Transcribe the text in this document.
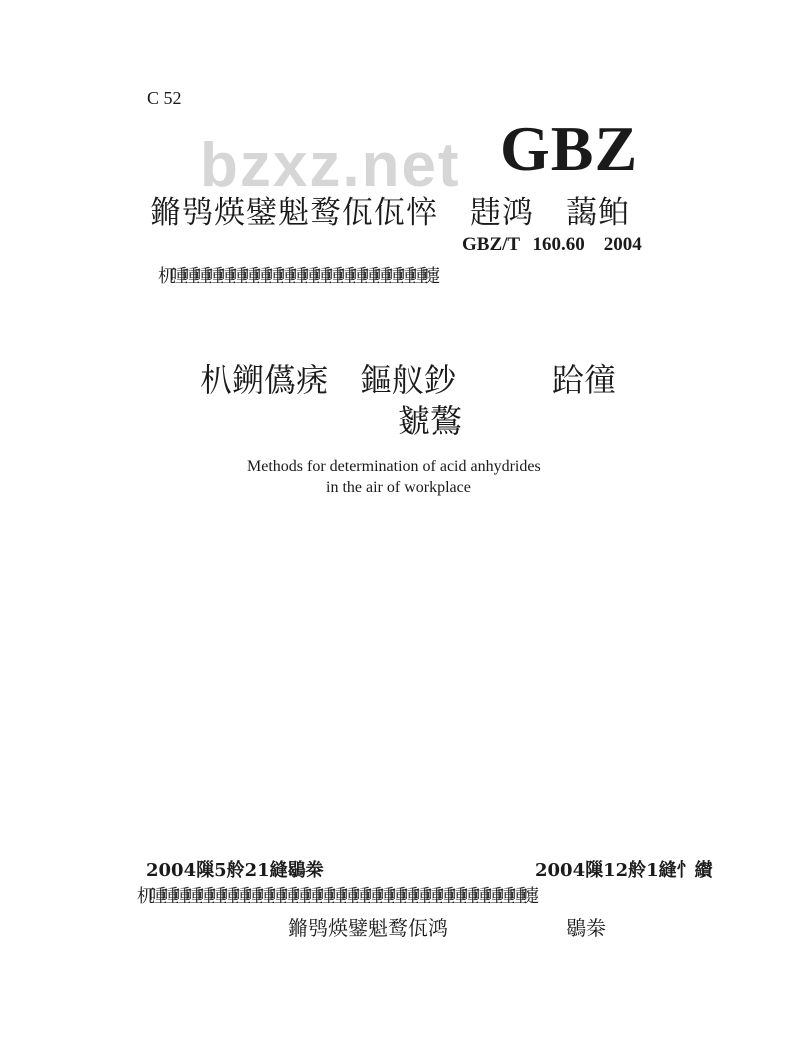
C 52
bzxz.net GBZ
鏅鸮煐鐾魁鹜佤佤悴　韪鸿　藹鲌
GBZ/T 160.60　2004
杌喠喠喠喠喠喠喠喠喠喠喠喠喠喠喠喠喠喠喠喠喠嚏
朳鎙儰痜　鏂舣鈔　　　跲徸
虦鷔
Methods for determination of acid anhydrides
in the air of workplace
2004隟5舲21縫鶡桊	2004隟12舲1縫忄纉
杌喠喠喠喠喠喠喠喠喠喠喠喠喠喠喠喠喠喠喠喠喠喠喠喠喠喠喠喠喠喠喠嚏
鏅鸮煐鐾魁鹜佤鸿	鶡桊
